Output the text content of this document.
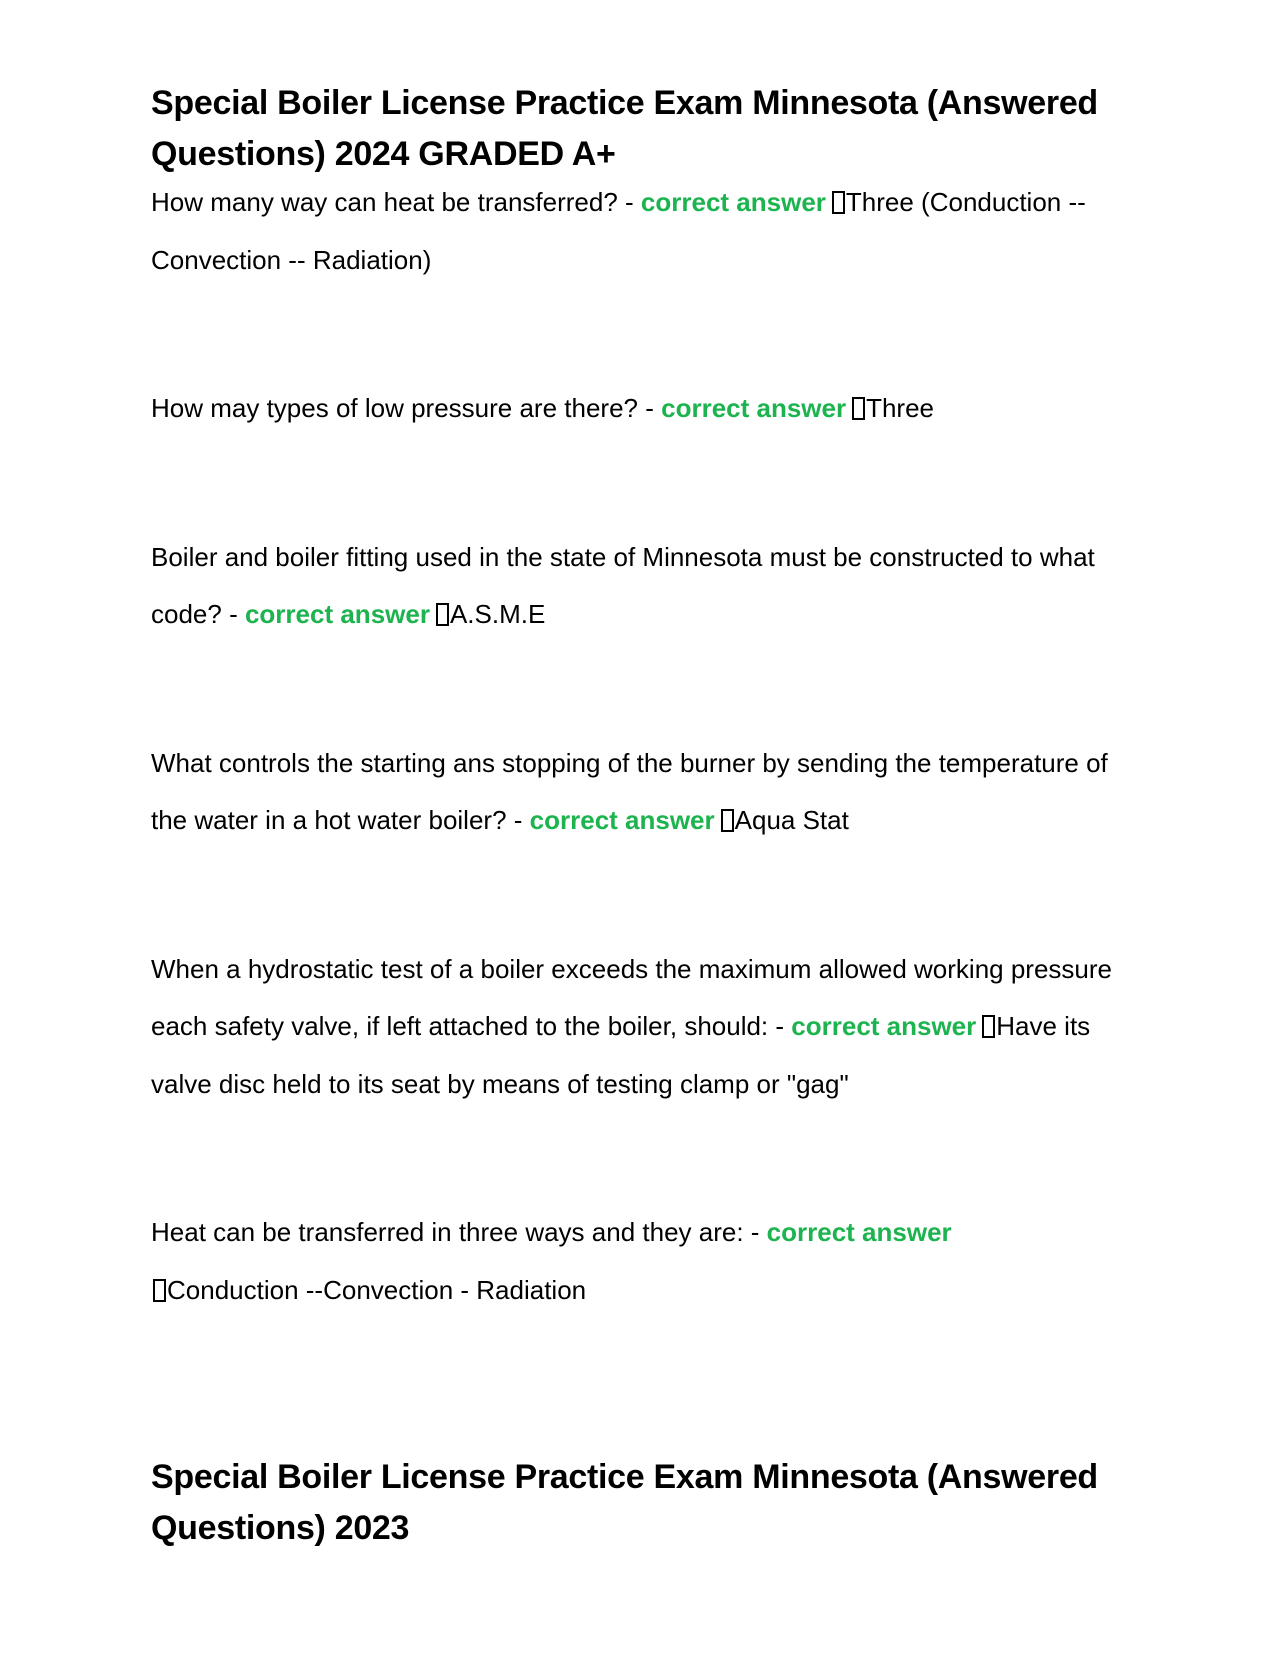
Special Boiler License Practice Exam Minnesota (Answered Questions) 2024 GRADED A+

How many way can heat be transferred? - correct answer Three (Conduction -- Convection -- Radiation)

How may types of low pressure are there? - correct answer Three

Boiler and boiler fitting used in the state of Minnesota must be constructed to what code? - correct answer A.S.M.E

What controls the starting ans stopping of the burner by sending the temperature of the water in a hot water boiler? - correct answer Aqua Stat

When a hydrostatic test of a boiler exceeds the maximum allowed working pressure each safety valve, if left attached to the boiler, should: - correct answer Have its valve disc held to its seat by means of testing clamp or "gag"

Heat can be transferred in three ways and they are: - correct answer
Conduction --Convection - Radiation

Special Boiler License Practice Exam Minnesota (Answered Questions) 2023
